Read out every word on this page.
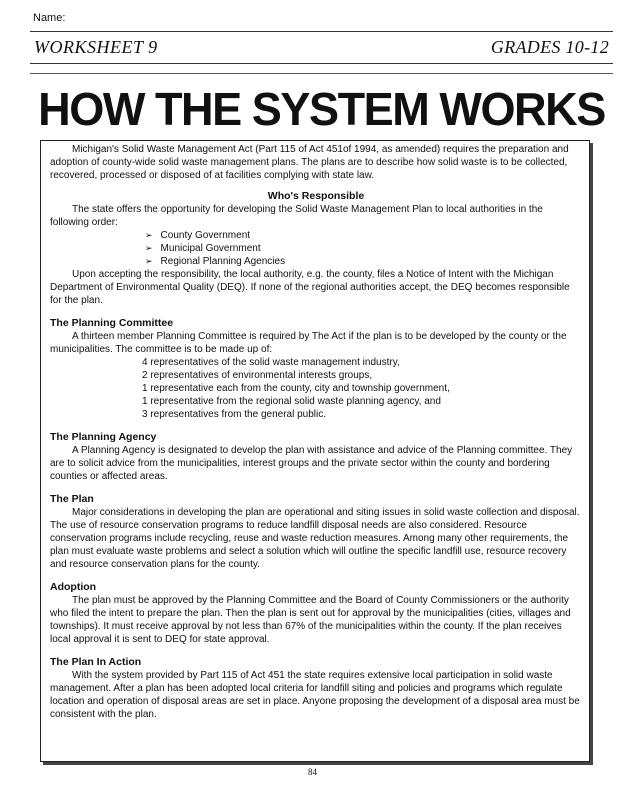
Name:
WORKSHEET 9	GRADES 10-12
HOW THE SYSTEM WORKS

Michigan's Solid Waste Management Act (Part 115 of Act 451of 1994, as amended) requires the preparation and adoption of county-wide solid waste management plans. The plans are to describe how solid waste is to be collected, recovered, processed or disposed of at facilities complying with state law.

Who's Responsible

The state offers the opportunity for developing the Solid Waste Management Plan to local authorities in the following order:

➢ County Government
➢ Municipal Government
➢ Regional Planning Agencies

Upon accepting the responsibility, the local authority, e.g. the county, files a Notice of Intent with the Michigan Department of Environmental Quality (DEQ). If none of the regional authorities accept, the DEQ becomes responsible for the plan.

The Planning Committee

A thirteen member Planning Committee is required by The Act if the plan is to be developed by the county or the municipalities. The committee is to be made up of:

4 representatives of the solid waste management industry,
2 representatives of environmental interests groups,
1 representative each from the county, city and township government,
1 representative from the regional solid waste planning agency, and
3 representatives from the general public.

The Planning Agency

A Planning Agency is designated to develop the plan with assistance and advice of the Planning committee. They are to solicit advice from the municipalities, interest groups and the private sector within the county and bordering counties or affected areas.

The Plan

Major considerations in developing the plan are operational and siting issues in solid waste collection and disposal. The use of resource conservation programs to reduce landfill disposal needs are also considered. Resource conservation programs include recycling, reuse and waste reduction measures. Among many other requirements, the plan must evaluate waste problems and select a solution which will outline the specific landfill use, resource recovery and resource conservation plans for the county.

Adoption

The plan must be approved by the Planning Committee and the Board of County Commissioners or the authority who filed the intent to prepare the plan. Then the plan is sent out for approval by the municipalities (cities, villages and townships). It must receive approval by not less than 67% of the municipalities within the county. If the plan receives local approval it is sent to DEQ for state approval.

The Plan In Action

With the system provided by Part 115 of Act 451 the state requires extensive local participation in solid waste management. After a plan has been adopted local criteria for landfill siting and policies and programs which regulate location and operation of disposal areas are set in place. Anyone proposing the development of a disposal area must be consistent with the plan.

84
